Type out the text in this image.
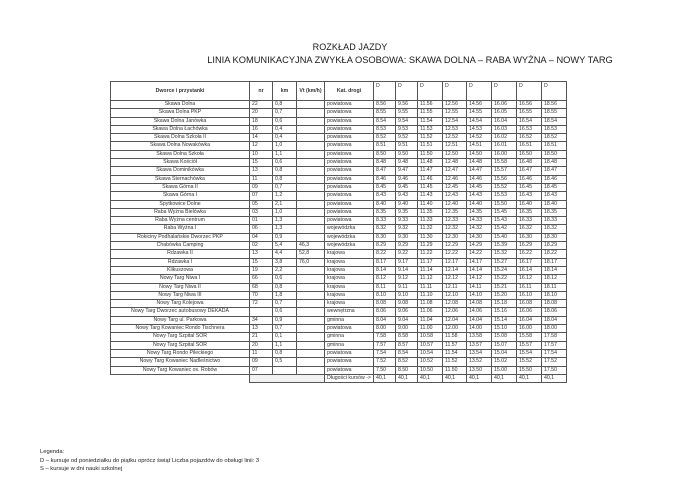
ROZKŁAD JAZDY
LINIA KOMUNIKACYJNA ZWYKŁA OSOBOWA: SKAWA DOLNA – RABA WYŻNA – NOWY TARG
Dworce i przystanki	nr	km	Vt (km/h)	Kat. drogi	D	D	D	D	D	D	D	D
Skawa Dolna	22	0,8		powiatowa	8.56	9.56	11.56	12.56	14.56	16.06	16.56	18.56
Skawa Dolna PKP	20	0,7		powiatowa	8.55	9.55	11.55	12.55	14.55	16.05	16.55	18.55
Skawa Dolna Janówka	18	0,6		powiatowa	8.54	9.54	11.54	12.54	14.54	16.04	16.54	18.54
Skawa Dolna Łachówka	16	0,4		powiatowa	8.53	9.53	11.53	12.53	14.53	16.03	16.53	18.53
Skawa Dolna Szkoła II	14	0,4		powiatowa	8.52	9.52	11.52	12.52	14.52	16.02	16.52	18.52
Skawa Dolna Nowakówka	12	1,0		powiatowa	8.51	9.51	11.51	12.51	14.51	16.01	16.51	18.51
Skawa Dolna Szkoła	10	1,1		powiatowa	8.50	9.50	11.50	12.50	14.50	16.00	16.50	18.50
Skawa Kościół	15	0,6		powiatowa	8.48	9.48	11.48	12.48	14.48	15.58	16.48	18.48
Skawa Dominikówka	13	0,8		powiatowa	8.47	9.47	11.47	12.47	14.47	15.57	16.47	18.47
Skawa Sternachówka	11	0,8		powiatowa	8.46	9.46	11.46	12.46	14.46	15.56	16.46	18.46
Skawa Górna II	09	0,7		powiatowa	8.45	9.45	11.45	12.45	14.45	15.52	16.45	18.45
Skawa Górna I	07	1,2		powiatowa	8.43	9.43	11.43	12.43	14.43	15.53	16.43	18.43
Spytkowice Dolne	05	2,1		powiatowa	8.40	9.40	11.40	12.40	14.40	15.50	16.40	18.40
Raba Wyżna Bielówka	03	1,0		powiatowa	8.35	9.35	11.35	12.35	14.35	15.45	16.35	18.35
Raba Wyżna centrum	01	1,3		powiatowa	8.33	9.33	11.33	12.33	14.33	15.43	16.33	18.33
Raba Wyżna I	06	1,3		wojewódzka	8.32	9.32	11.32	12.32	14.32	15.42	16.32	18.32
Rokiciny Podhalańskie Dworzec PKP	04	0,9		wojewódzka	8.30	9.30	11.30	12.30	14.30	15.40	16.30	18.30
Chabówka Camping	02	5,4	46,3	wojewódzka	8.29	9.29	11.29	12.29	14.29	15.39	16.29	18.29
Rdzawka II	13	4,4	52,8	krajowa	8.22	9.22	11.22	12.22	14.22	15.32	16.22	18.22
Rdzawka I	15	3,8	76,0	krajowa	8.17	9.17	11.17	12.17	14.17	15.27	16.17	18.17
Klikuszowa	19	2,2		krajowa	8.14	9.14	11.14	12.14	14.14	15.24	16.14	18.14
Nowy Targ Niwa I	66	0,6		krajowa	8.12	9.12	11.12	12.12	14.12	15.22	16.12	18.12
Nowy Targ Niwa II	68	0,8		krajowa	8.11	9.11	11.11	12.11	14.11	15.21	16.11	18.11
Nowy Targ Niwa III	70	1,8		krajowa	8.10	9.10	11.10	12.10	14.10	15.20	16.10	18.10
Nowy Targ Kolejowa	72	0,7		krajowa	8.08	9.08	11.08	12.08	14.08	15.18	16.08	18.08
Nowy Targ Dworzec autobusowy DEKADA		0,6		wewnętrzna	8.06	9.06	11.06	12.06	14.06	15.16	16.06	18.06
Nowy Targ ul. Parkowa	34	0,9		gminna	8.04	9.04	11.04	12.04	14.04	15.14	16.04	18.04
Nowy Targ Kowaniec Rondo Tischnera	13	0,7		powiatowa	8.00	9.00	11.00	12.00	14.00	15.10	16.00	18.00
Nowy Targ Szpital SOR	21	0,1		gminna	7.58	8.58	10.58	11.58	13.58	15.08	15.58	17.58
Nowy Targ Szpital SOR	20	1,1		gminna	7.57	8.57	10.57	11.57	13.57	15.07	15.57	17.57
Nowy Targ Rondo Pileckiego	11	0,8		powiatowa	7.54	8.54	10.54	11.54	13.54	15.04	15.54	17.54
Nowy Targ Kowaniec Nadleśnictwo	09	0,5		powiatowa	7.52	8.52	10.52	11.52	13.52	15.02	15.52	17.52
Nowy Targ Kowaniec os. Robów	07			powiatowa	7.50	8.50	10.50	11.50	13.50	15.00	15.50	17.50
				Długości kursów ->	40,1	40,1	40,1	40,1	40,1	40,1	40,1	40,1
Legenda:
D – kursuje od poniedziałku do piątku oprócz świąt Liczba pojazdów do obsługi linii: 3
S – kursuje w dni nauki szkolnej
